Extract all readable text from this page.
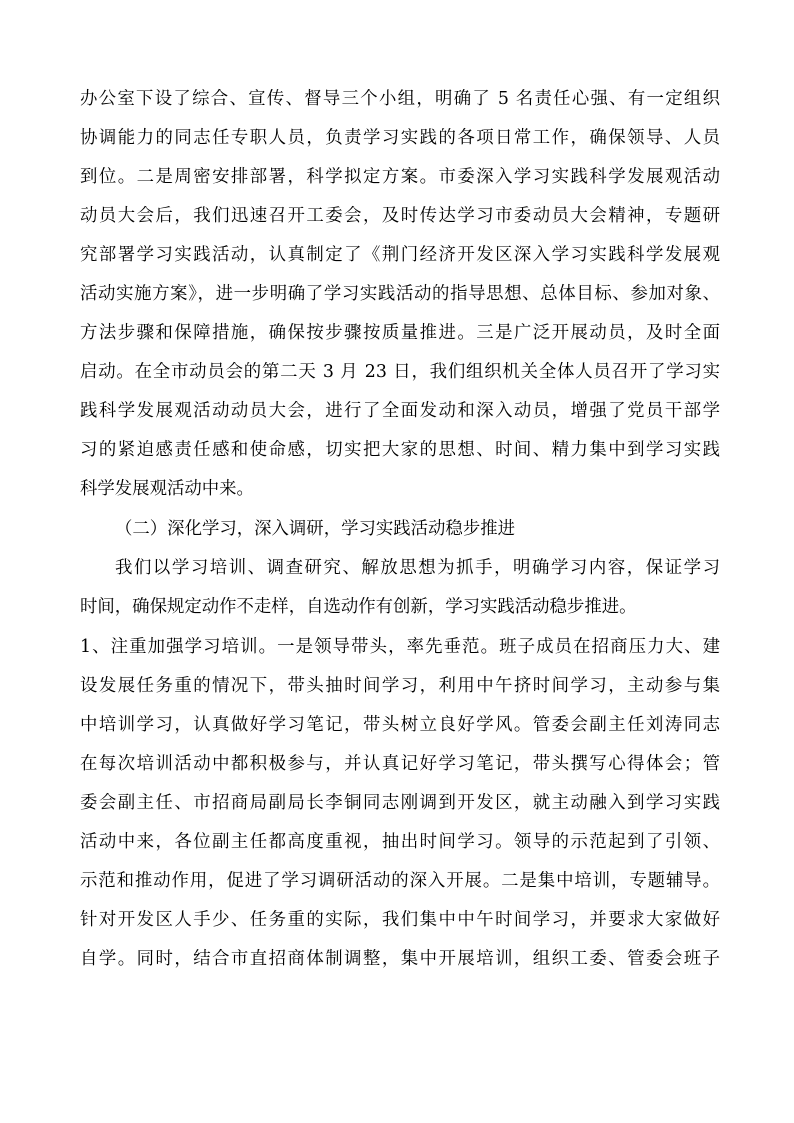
办公室下设了综合、宣传、督导三个小组，明确了 5 名责任心强、有一定组织
协调能力的同志任专职人员，负责学习实践的各项日常工作，确保领导、人员
到位。二是周密安排部署，科学拟定方案。市委深入学习实践科学发展观活动
动员大会后，我们迅速召开工委会，及时传达学习市委动员大会精神，专题研
究部署学习实践活动，认真制定了《荆门经济开发区深入学习实践科学发展观
活动实施方案》，进一步明确了学习实践活动的指导思想、总体目标、参加对象、
方法步骤和保障措施，确保按步骤按质量推进。三是广泛开展动员，及时全面
启动。在全市动员会的第二天 3 月 23 日，我们组织机关全体人员召开了学习实
践科学发展观活动动员大会，进行了全面发动和深入动员，增强了党员干部学
习的紧迫感责任感和使命感，切实把大家的思想、时间、精力集中到学习实践
科学发展观活动中来。
（二）深化学习，深入调研，学习实践活动稳步推进
我们以学习培训、调查研究、解放思想为抓手，明确学习内容，保证学习
时间，确保规定动作不走样，自选动作有创新，学习实践活动稳步推进。
1、注重加强学习培训。一是领导带头，率先垂范。班子成员在招商压力大、建
设发展任务重的情况下，带头抽时间学习，利用中午挤时间学习，主动参与集
中培训学习，认真做好学习笔记，带头树立良好学风。管委会副主任刘涛同志
在每次培训活动中都积极参与，并认真记好学习笔记，带头撰写心得体会；管
委会副主任、市招商局副局长李铜同志刚调到开发区，就主动融入到学习实践
活动中来，各位副主任都高度重视，抽出时间学习。领导的示范起到了引领、
示范和推动作用，促进了学习调研活动的深入开展。二是集中培训，专题辅导。
针对开发区人手少、任务重的实际，我们集中中午时间学习，并要求大家做好
自学。同时，结合市直招商体制调整，集中开展培训，组织工委、管委会班子
